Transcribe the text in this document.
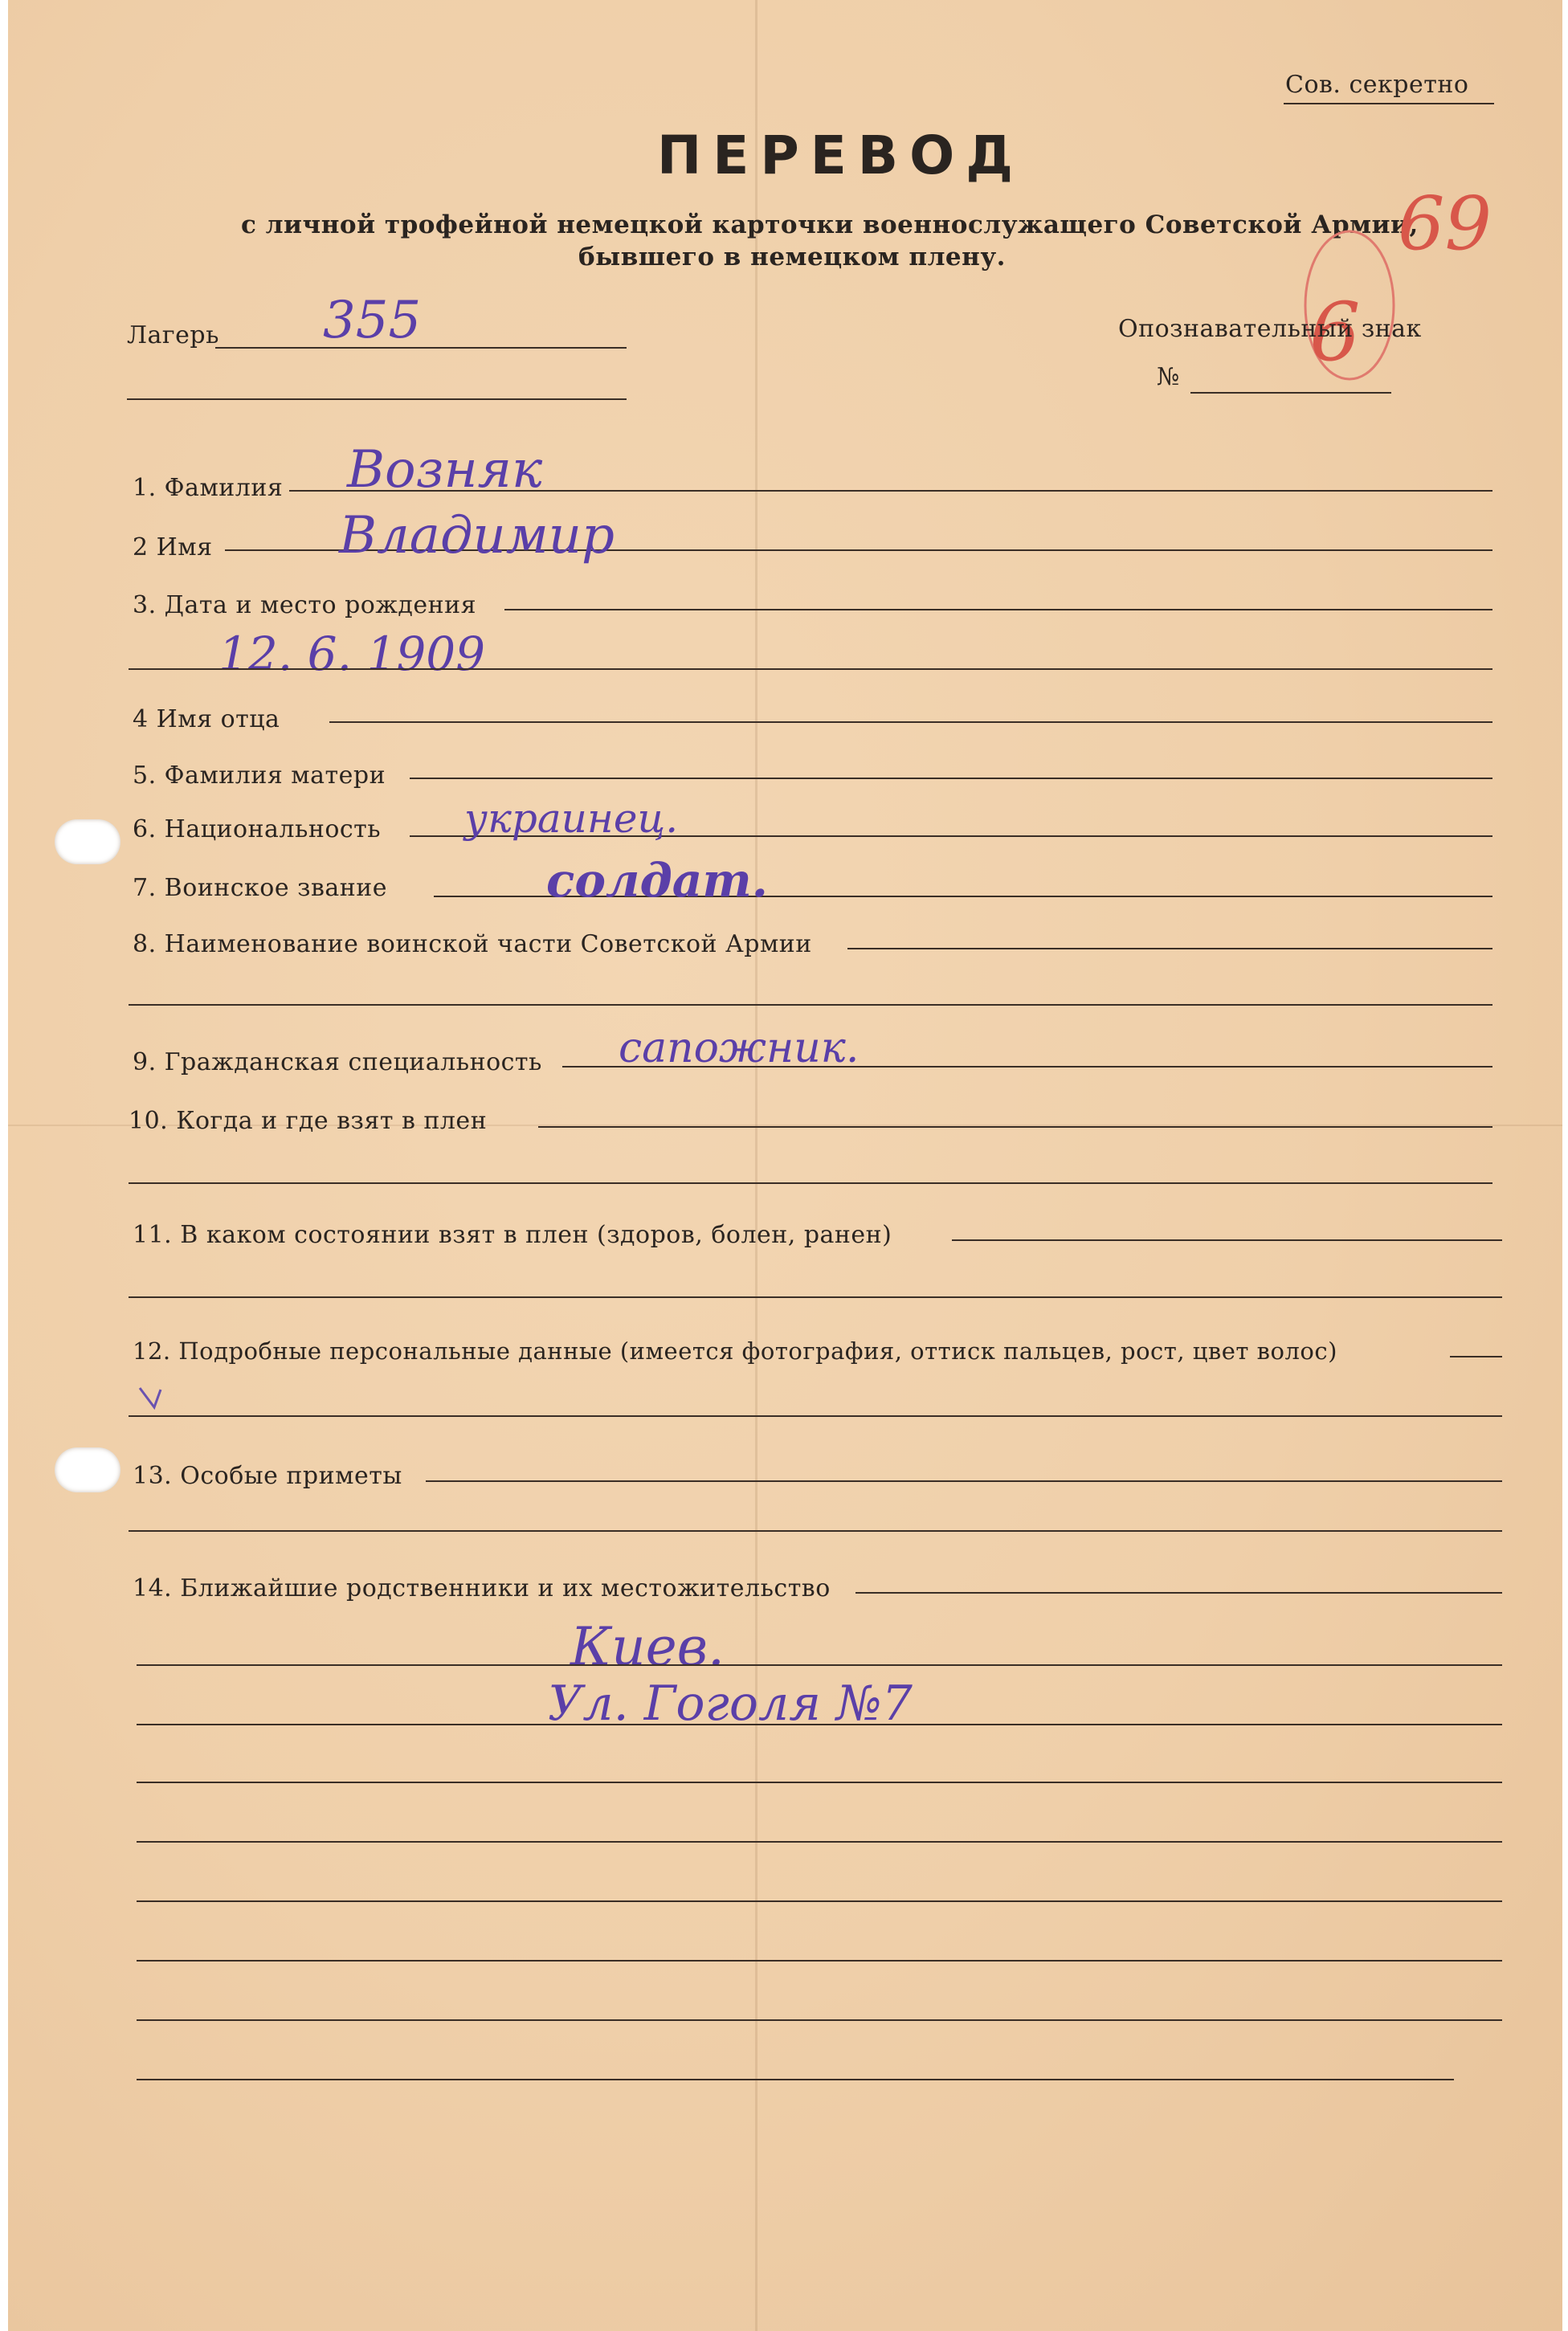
Сов. секретно
ПЕРЕВОД
с личной трофейной немецкой карточки военнослужащего Советской Армии,
бывшего в немецком плену.	69
6
Лагерь 355	Опознавательный знак
№
1. Фамилия Возняк
2 Имя Владимир
3. Дата и место рождения
12. 6. 1909
4 Имя отца
5. Фамилия матери
6. Национальность украинец.
7. Воинское звание	солдат.
8. Наименование воинской части Советской Армии
9. Гражданская специальность сапожник.
10. Когда и где взят в плен
11. В каком состоянии взят в плен (здоров, болен, ранен)
12. Подробные персональные данные (имеется фотография, оттиск пальцев, рост, цвет волос)
13. Особые приметы
14. Ближайшие родственники и их местожительство
Киев.
Ул. Гоголя №7
